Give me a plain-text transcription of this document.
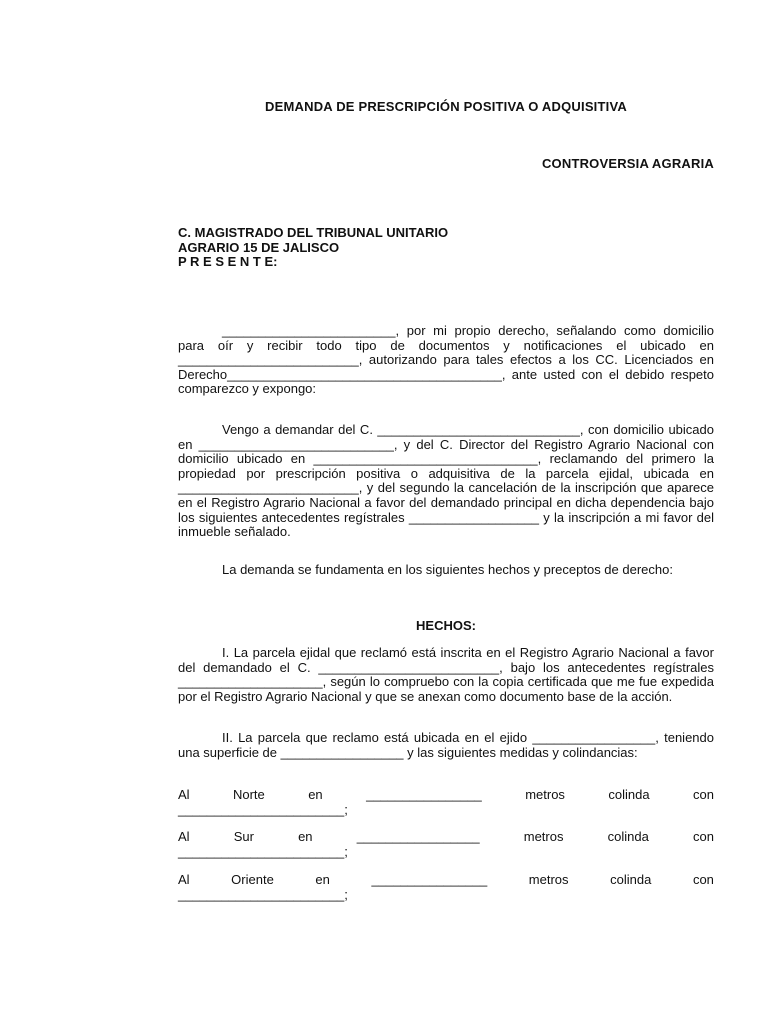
DEMANDA DE PRESCRIPCIÓN POSITIVA O ADQUISITIVA
CONTROVERSIA AGRARIA
C. MAGISTRADO DEL TRIBUNAL UNITARIO
AGRARIO 15 DE JALISCO
P R E S E N T E:

________________________, por mi propio derecho, señalando como domicilio para oír y recibir todo tipo de documentos y notificaciones el ubicado en _________________________, autorizando para tales efectos a los CC. Licenciados en Derecho______________________________________, ante usted con el debido respeto comparezco y expongo:

Vengo a demandar del C. ____________________________, con domicilio ubicado en ___________________________, y del C. Director del Registro Agrario Nacional con domicilio ubicado en _______________________________, reclamando del primero la propiedad por prescripción positiva o adquisitiva de la parcela ejidal, ubicada en _________________________, y del segundo la cancelación de la inscripción que aparece en el Registro Agrario Nacional a favor del demandado principal en dicha dependencia bajo los siguientes antecedentes regístrales __________________ y la inscripción a mi favor del inmueble señalado.

La demanda se fundamenta en los siguientes hechos y preceptos de derecho:

HECHOS:

I. La parcela ejidal que reclamó está inscrita en el Registro Agrario Nacional a favor del demandado el C. _________________________, bajo los antecedentes regístrales ____________________, según lo compruebo con la copia certificada que me fue expedida por el Registro Agrario Nacional y que se anexan como documento base de la acción.

II. La parcela que reclamo está ubicada en el ejido _________________, teniendo una superficie de _________________ y las siguientes medidas y colindancias:

Al	Norte	en	________________	metros	colinda	con
_______________________;
Al	Sur	en	_________________	metros	colinda	con
_______________________;
Al	Oriente	en	________________	metros	colinda	con
_______________________;
